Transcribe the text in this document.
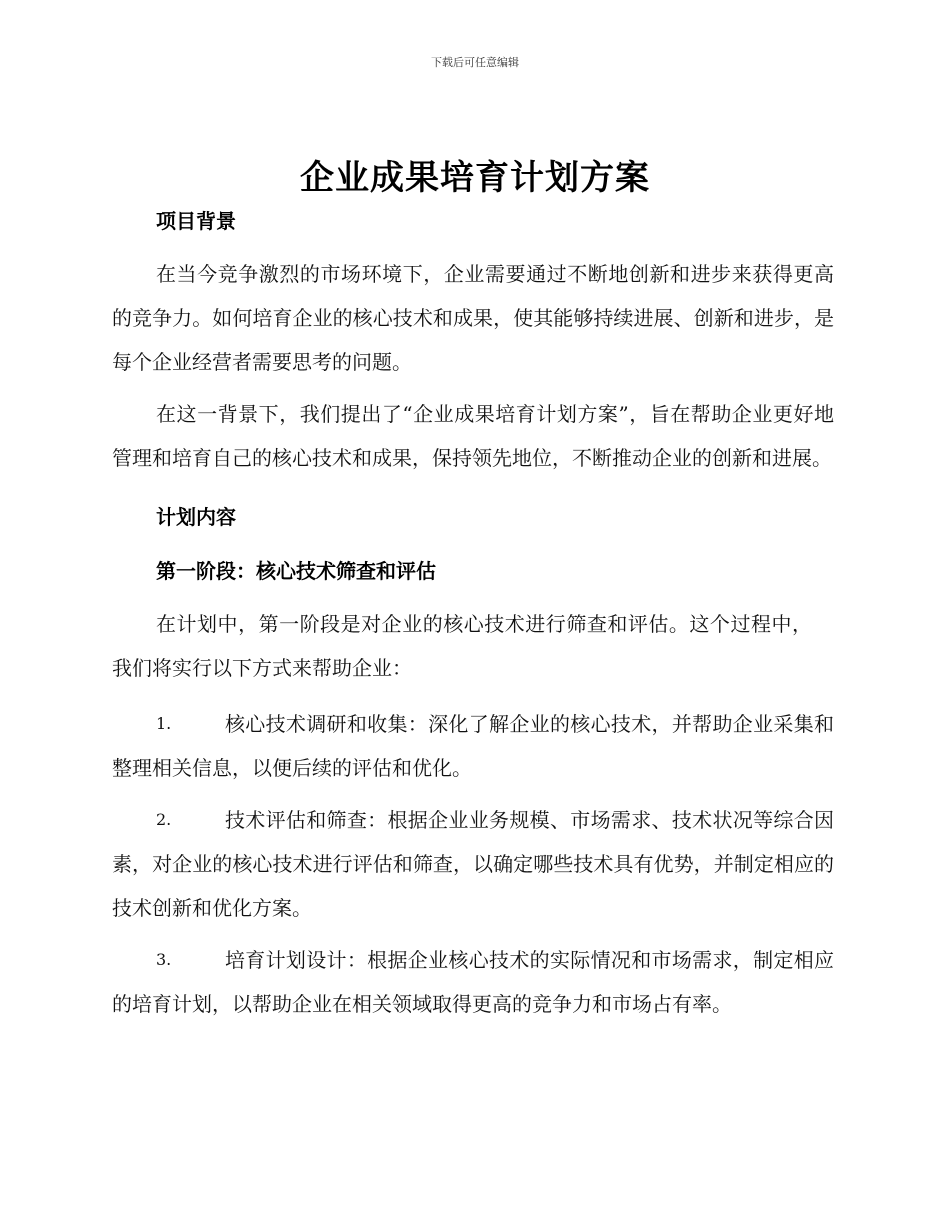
下载后可任意编辑
企业成果培育计划方案
项目背景

在当今竞争激烈的市场环境下，企业需要通过不断地创新和进步来获得更高的竞争力。如何培育企业的核心技术和成果，使其能够持续进展、创新和进步，是每个企业经营者需要思考的问题。

在这一背景下，我们提出了“企业成果培育计划方案”，旨在帮助企业更好地管理和培育自己的核心技术和成果，保持领先地位，不断推动企业的创新和进展。

计划内容
第一阶段：核心技术筛查和评估

在计划中，第一阶段是对企业的核心技术进行筛查和评估。这个过程中，我们将实行以下方式来帮助企业：

1.	核心技术调研和收集：深化了解企业的核心技术，并帮助企业采集和整理相关信息，以便后续的评估和优化。
2.	技术评估和筛查：根据企业业务规模、市场需求、技术状况等综合因素，对企业的核心技术进行评估和筛查，以确定哪些技术具有优势，并制定相应的技术创新和优化方案。
3.	培育计划设计：根据企业核心技术的实际情况和市场需求，制定相应的培育计划，以帮助企业在相关领域取得更高的竞争力和市场占有率。
